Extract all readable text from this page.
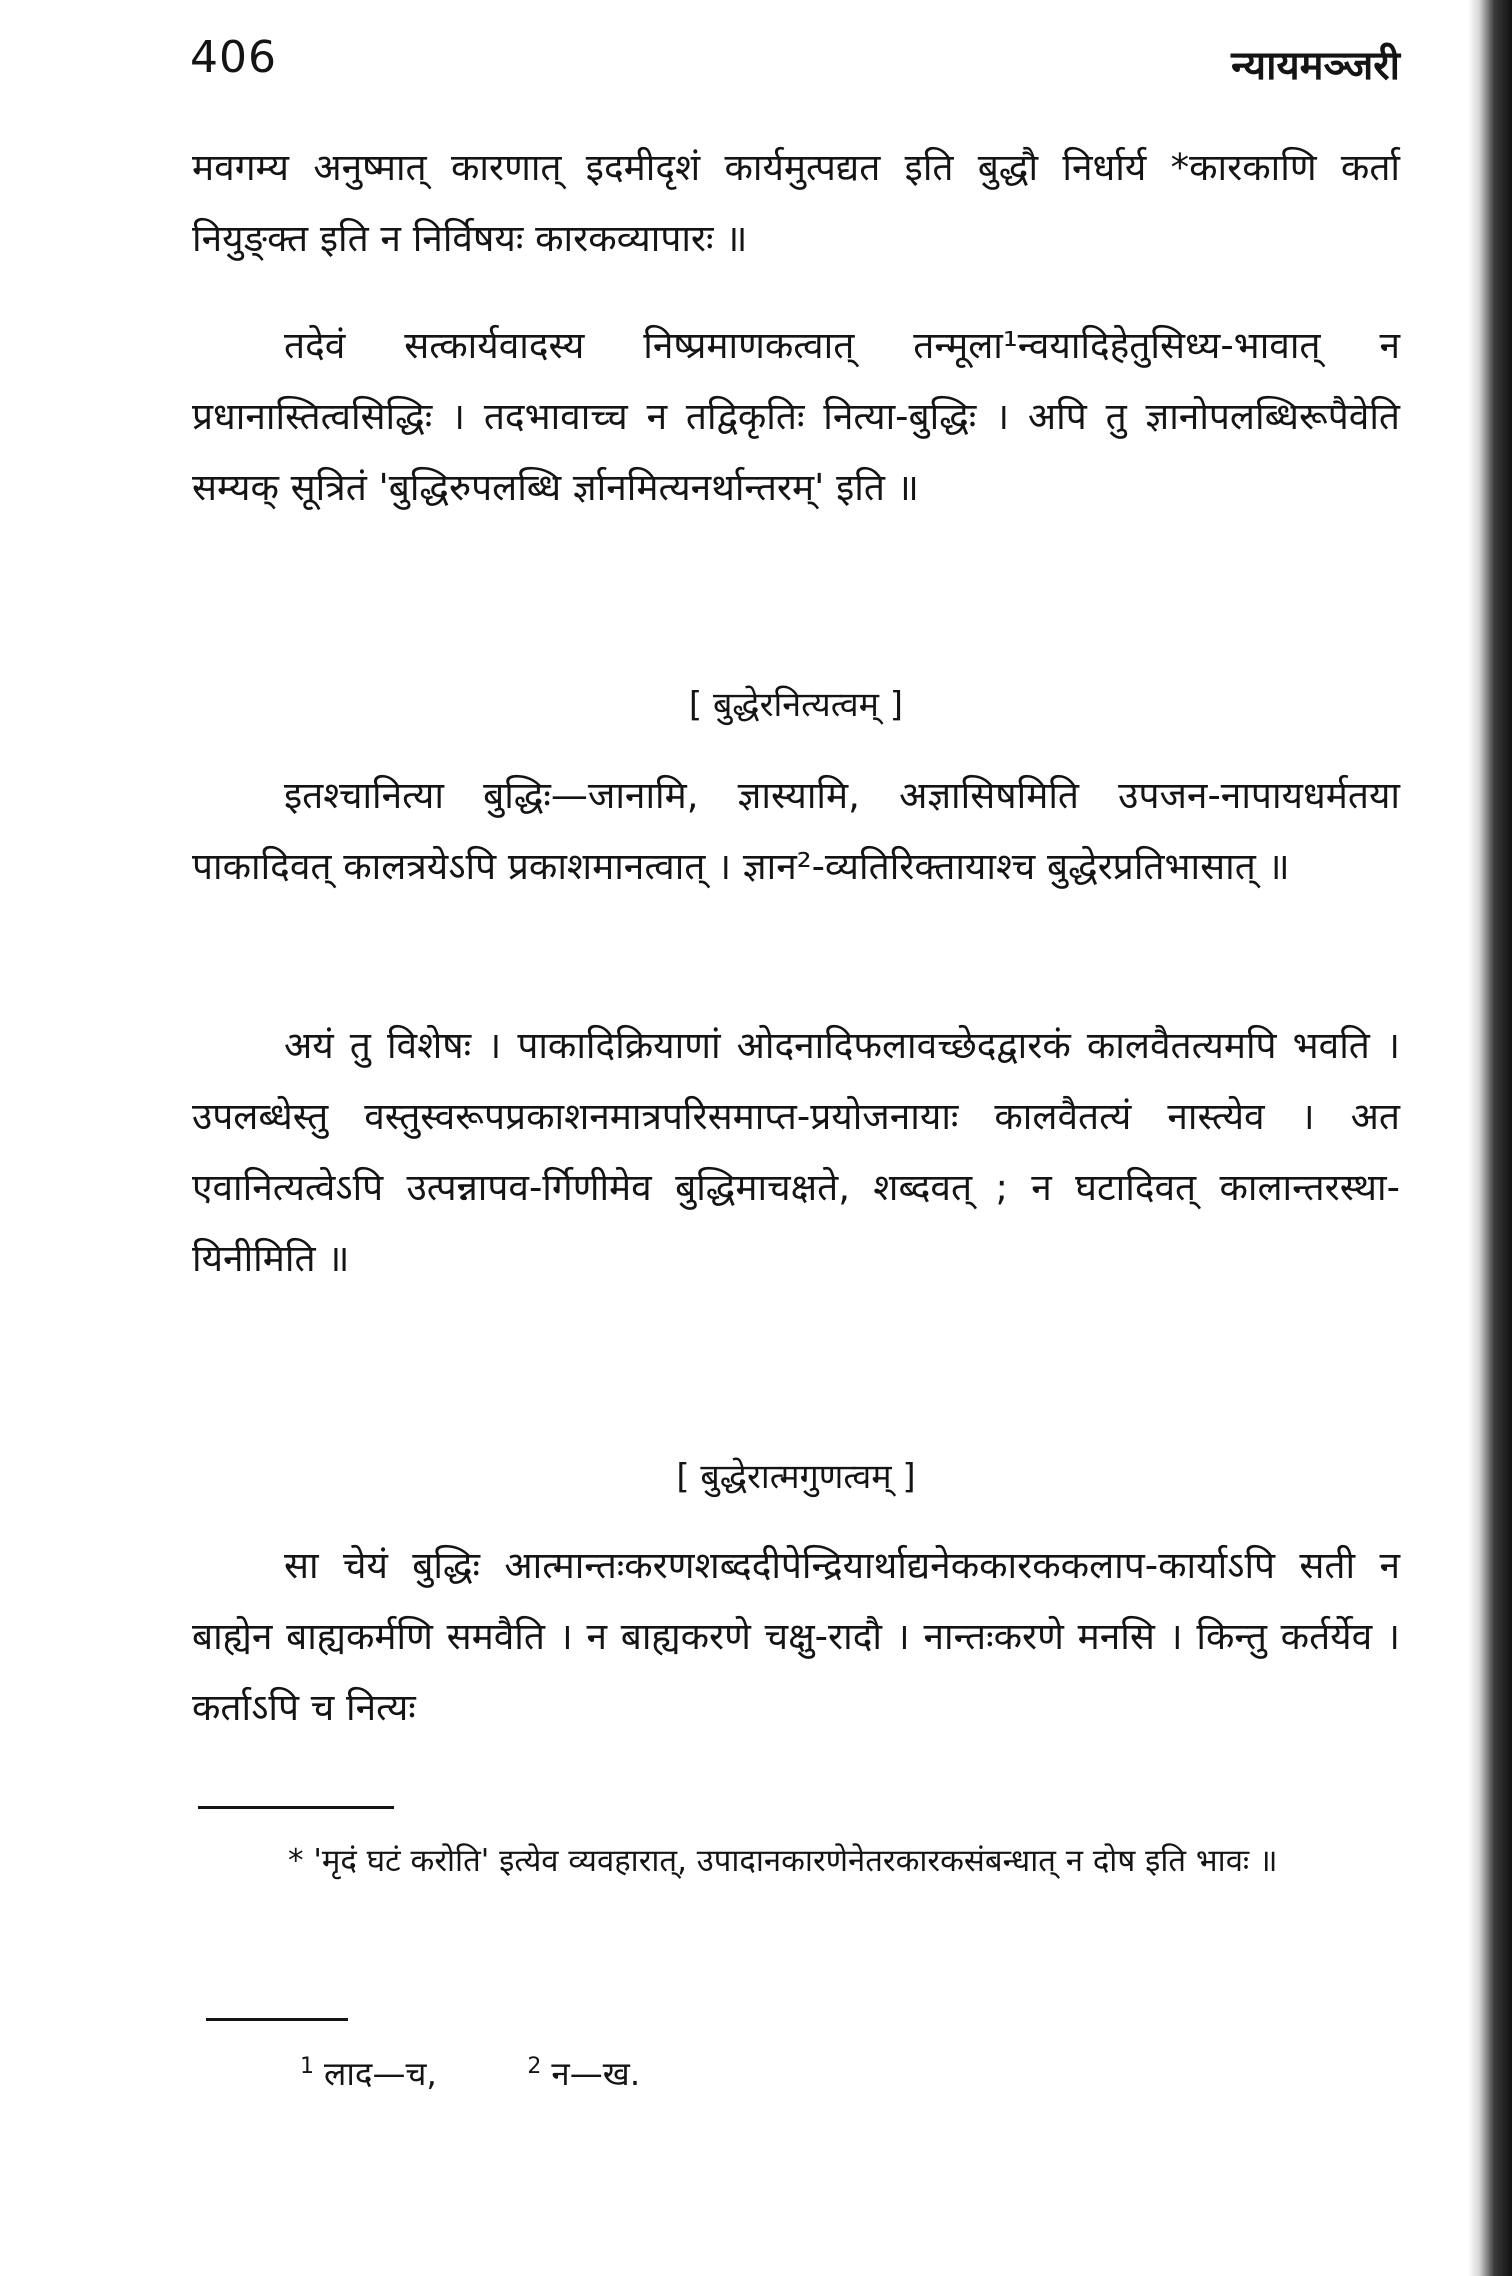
406	न्यायमञ्जरी
मवगम्य अनुष्मात् कारणात् इदमीदृशं कार्यमुत्पद्यत इति बुद्धौ निर्धार्य *कारकाणि कर्ता नियुङ्क्त इति न निर्विषयः कारकव्यापारः ॥
तदेवं सत्कार्यवादस्य निष्प्रमाणकत्वात् तन्मूला¹न्वयादिहेतुसिध्य-भावात् न प्रधानास्तित्वसिद्धिः । तदभावाच्च न तद्विकृतिः नित्या-बुद्धिः । अपि तु ज्ञानोपलब्धिरूपैवेति सम्यक् सूत्रितं 'बुद्धिरुपलब्धि र्ज्ञानमित्यनर्थान्तरम्' इति ॥
[ बुद्धेरनित्यत्वम् ]
इतश्चानित्या बुद्धिः—जानामि, ज्ञास्यामि, अज्ञासिषमिति उपजन-नापायधर्मतया पाकादिवत् कालत्रयेऽपि प्रकाशमानत्वात् । ज्ञान²-व्यतिरिक्तायाश्च बुद्धेरप्रतिभासात् ॥
अयं तु विशेषः । पाकादिक्रियाणां ओदनादिफलावच्छेदद्वारकं कालवैतत्यमपि भवति । उपलब्धेस्तु वस्तुस्वरूपप्रकाशनमात्रपरिसमाप्त-प्रयोजनायाः कालवैतत्यं नास्त्येव । अत एवानित्यत्वेऽपि उत्पन्नापव-र्गिणीमेव बुद्धिमाचक्षते, शब्दवत् ; न घटादिवत् कालान्तरस्था-यिनीमिति ॥
[ बुद्धेरात्मगुणत्वम् ]
सा चेयं बुद्धिः आत्मान्तःकरणशब्ददीपेन्द्रियार्थाद्यनेककारककलाप-कार्याऽपि सती न बाह्येन बाह्यकर्मणि समवैति । न बाह्यकरणे चक्षु-रादौ । नान्तःकरणे मनसि । किन्तु कर्तर्येव । कर्ताऽपि च नित्यः
* 'मृदं घटं करोति' इत्येव व्यवहारात्, उपादानकारणेनेतरकारकसंबन्धात् न दोष इति भावः ॥
$^1$ लाद—च,	$^2$ न—ख.
